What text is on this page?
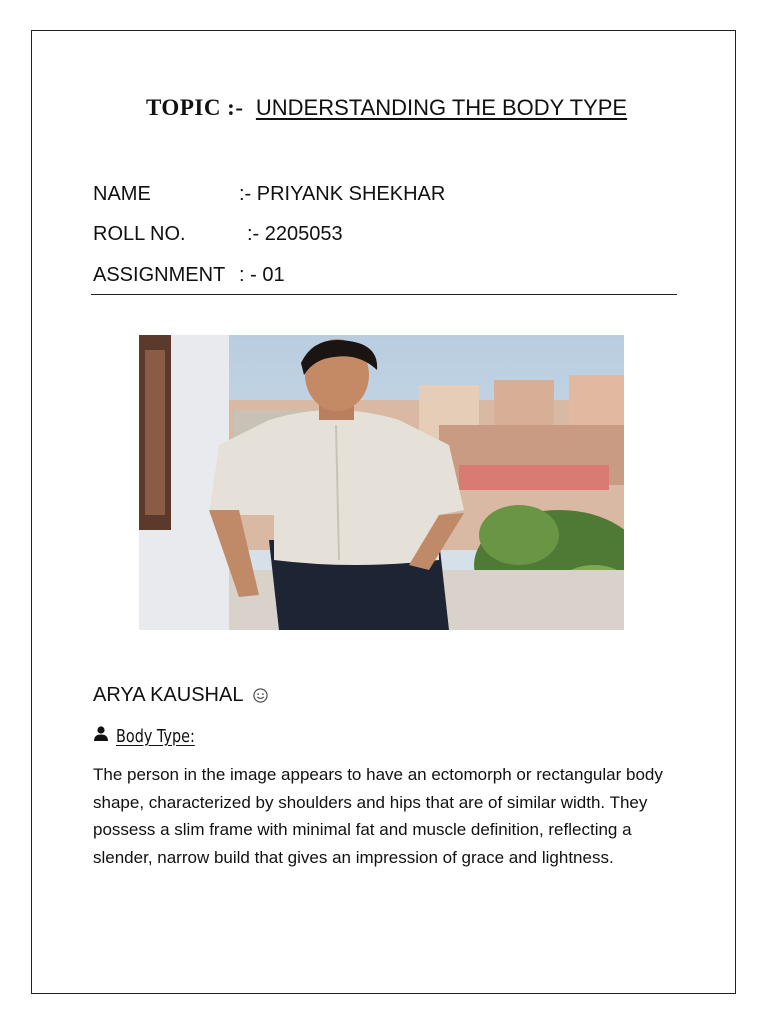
TOPIC :- UNDERSTANDING THE BODY TYPE
NAME	:- PRIYANK SHEKHAR
ROLL NO.	:- 2205053
ASSIGNMENT : - 01
ARYA KAUSHAL
Body Type:
The person in the image appears to have an ectomorph or rectangular body shape, characterized by shoulders and hips that are of similar width. They possess a slim frame with minimal fat and muscle definition, reflecting a slender, narrow build that gives an impression of grace and lightness.
